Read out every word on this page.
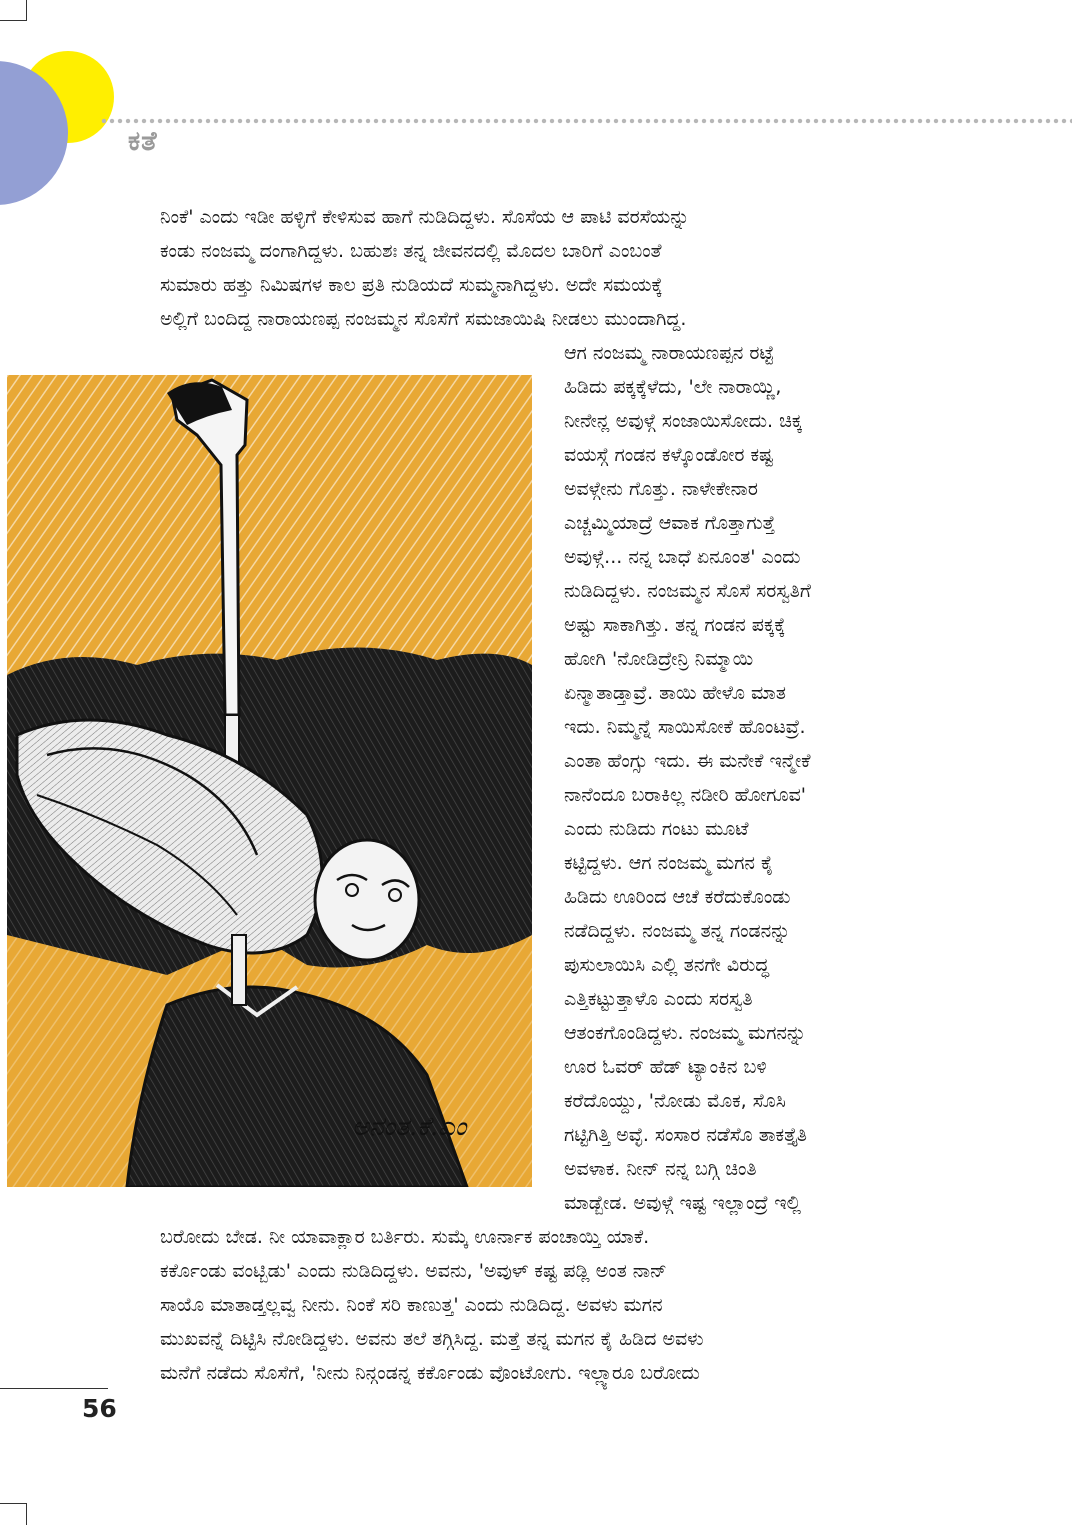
ಕತೆ
ನಿಂಕೆ' ಎಂದು ಇಡೀ ಹಳ್ಳಿಗೆ ಕೇಳಿಸುವ ಹಾಗೆ ನುಡಿದಿದ್ದಳು. ಸೊಸೆಯ ಆ ಪಾಟಿ ವರಸೆಯನ್ನು
ಕಂಡು ನಂಜಮ್ಮ ದಂಗಾಗಿದ್ದಳು. ಬಹುಶಃ ತನ್ನ ಜೀವನದಲ್ಲಿ ಮೊದಲ ಬಾರಿಗೆ ಎಂಬಂತೆ
ಸುಮಾರು ಹತ್ತು ನಿಮಿಷಗಳ ಕಾಲ ಪ್ರತಿ ನುಡಿಯದೆ ಸುಮ್ಮನಾಗಿದ್ದಳು. ಅದೇ ಸಮಯಕ್ಕೆ
ಅಲ್ಲಿಗೆ ಬಂದಿದ್ದ ನಾರಾಯಣಪ್ಪ ನಂಜಮ್ಮನ ಸೊಸೆಗೆ ಸಮಜಾಯಿಷಿ ನೀಡಲು ಮುಂದಾಗಿದ್ದ.
ಅನಂತ.ಕೆ.ಎಂ
ಆಗ ನಂಜಮ್ಮ ನಾರಾಯಣಪ್ಪನ ರಟ್ಟೆ
ಹಿಡಿದು ಪಕ್ಕಕ್ಕೆಳೆದು, 'ಲೇ ನಾರಾಯ್ಣಿ,
ನೀನೇನ್ಲ ಅವುಳ್ಗೆ ಸಂಜಾಯಿಸೋದು. ಚಿಕ್ಕ
ವಯಸ್ಗೆ ಗಂಡನ ಕಳ್ಕೊಂಡೋರ ಕಷ್ಟ
ಅವಳ್ಗೇನು ಗೊತ್ತು. ನಾಳೇಕೇನಾರ
ಎಚ್ಚಮ್ಮಿಯಾದ್ರೆ ಆವಾಕ ಗೊತ್ತಾಗುತ್ತೆ
ಅವುಳ್ಗೆ... ನನ್ನ ಬಾಧೆ ಏನೂಂತ' ಎಂದು
ನುಡಿದಿದ್ದಳು. ನಂಜಮ್ಮನ ಸೊಸೆ ಸರಸ್ವತಿಗೆ
ಅಷ್ಟು ಸಾಕಾಗಿತ್ತು. ತನ್ನ ಗಂಡನ ಪಕ್ಕಕ್ಕೆ
ಹೋಗಿ 'ನೋಡಿದ್ರೇನ್ರಿ ನಿಮ್ಮಾಯಿ
ಏನ್ಮಾತಾಡ್ತಾವ್ರೆ. ತಾಯಿ ಹೇಳೊ ಮಾತ
ಇದು. ನಿಮ್ಮನ್ನೆ ಸಾಯಿಸೋಕೆ ಹೊಂಟವ್ರೆ.
ಎಂತಾ ಹೆಂಗ್ಸು ಇದು. ಈ ಮನೇಕೆ ಇನ್ಮೇಕೆ
ನಾನೆಂದೂ ಬರಾಕಿಲ್ಲ ನಡೀರಿ ಹೋಗೂವ'
ಎಂದು ನುಡಿದು ಗಂಟು ಮೂಟೆ
ಕಟ್ಟಿದ್ದಳು. ಆಗ ನಂಜಮ್ಮ ಮಗನ ಕೈ
ಹಿಡಿದು ಊರಿಂದ ಆಚೆ ಕರೆದುಕೊಂಡು
ನಡೆದಿದ್ದಳು. ನಂಜಮ್ಮ ತನ್ನ ಗಂಡನನ್ನು
ಪುಸುಲಾಯಿಸಿ ಎಲ್ಲಿ ತನಗೇ ವಿರುದ್ಧ
ಎತ್ತಿಕಟ್ಟುತ್ತಾಳೊ ಎಂದು ಸರಸ್ವತಿ
ಆತಂಕಗೊಂಡಿದ್ದಳು. ನಂಜಮ್ಮ ಮಗನನ್ನು
ಊರ ಓವರ್ ಹೆಡ್ ಟ್ಯಾಂಕಿನ ಬಳಿ
ಕರೆದೊಯ್ದು, 'ನೋಡು ಮೊಕ, ಸೊಸಿ
ಗಟ್ಟಿಗಿತ್ತಿ ಅವ್ಳೆ. ಸಂಸಾರ ನಡೆಸೊ ತಾಕತ್ತೈತಿ
ಅವಳಾಕ. ನೀನ್ ನನ್ನ ಬಗ್ಗಿ ಚಿಂತಿ
ಮಾಡ್ಬೇಡ. ಅವುಳ್ಗೆ ಇಷ್ಟ ಇಲ್ಲಾಂದ್ರೆ ಇಲ್ಲಿ
ಬರೋದು ಬೇಡ. ನೀ ಯಾವಾಕ್ಲಾರ ಬರ್ತಿರು. ಸುಮ್ಕೆ ಊರ್ನಾಕ ಪಂಚಾಯ್ತಿ ಯಾಕೆ.
ಕರ್ಕೊಂಡು ವಂಟ್ಬಿಡು' ಎಂದು ನುಡಿದಿದ್ದಳು. ಅವನು, 'ಅವುಳ್ ಕಷ್ಟ ಪಡ್ಲಿ ಅಂತ ನಾನ್
ಸಾಯೊ ಮಾತಾಡ್ತಲ್ಲವ್ವ ನೀನು. ನಿಂಕೆ ಸರಿ ಕಾಣುತ್ತ' ಎಂದು ನುಡಿದಿದ್ದ. ಅವಳು ಮಗನ
ಮುಖವನ್ನೆ ದಿಟ್ಟಿಸಿ ನೋಡಿದ್ದಳು. ಅವನು ತಲೆ ತಗ್ಗಿಸಿದ್ದ. ಮತ್ತೆ ತನ್ನ ಮಗನ ಕೈ ಹಿಡಿದ ಅವಳು
ಮನೆಗೆ ನಡೆದು ಸೊಸೆಗೆ, 'ನೀನು ನಿನ್ಗಂಡನ್ನ ಕರ್ಕೊಂಡು ವೊಂಟೋಗು. ಇಲ್ಲ್ಯಾರೂ ಬರೋದು

56
